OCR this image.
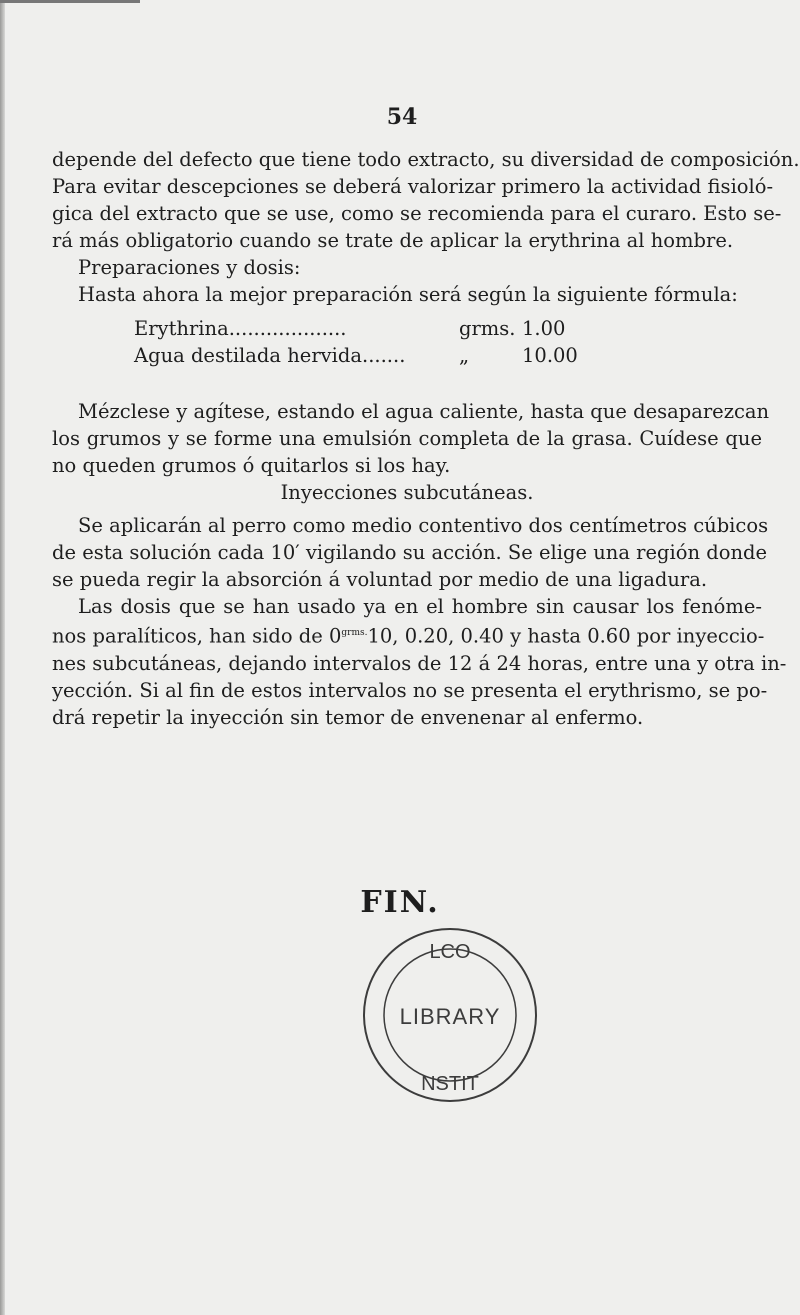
54
depende del defecto que tiene todo extracto, su diversidad de composición.
Para evitar descepciones se deberá valorizar primero la actividad fisioló-
gica del extracto que se use, como se recomienda para el curaro. Esto se-
rá más obligatorio cuando se trate de aplicar la erythrina al hombre.
Preparaciones y dosis:
Hasta ahora la mejor preparación será según la siguiente fórmula:
Erythrina...................	grms. 1.00
Agua destilada hervida.......	„	10.00
Mézclese y agítese, estando el agua caliente, hasta que desaparezcan
los grumos y se forme una emulsión completa de la grasa. Cuídese que
no queden grumos ó quitarlos si los hay.
Inyecciones subcutáneas.
Se aplicarán al perro como medio contentivo dos centímetros cúbicos
de esta solución cada 10′ vigilando su acción. Se elige una región donde
se pueda regir la absorción á voluntad por medio de una ligadura.
Las dosis que se han usado ya en el hombre sin causar los fenóme-
nos paralíticos, han sido de $0^{grms.}10$, 0.20, 0.40 y hasta 0.60 por inyeccio-
nes subcutáneas, dejando intervalos de 12 á 24 horas, entre una y otra in-
yección. Si al fin de estos intervalos no se presenta el erythrismo, se po-
drá repetir la inyección sin temor de envenenar al enfermo.
FIN.
LCO
LIBRARY
NSTIT
